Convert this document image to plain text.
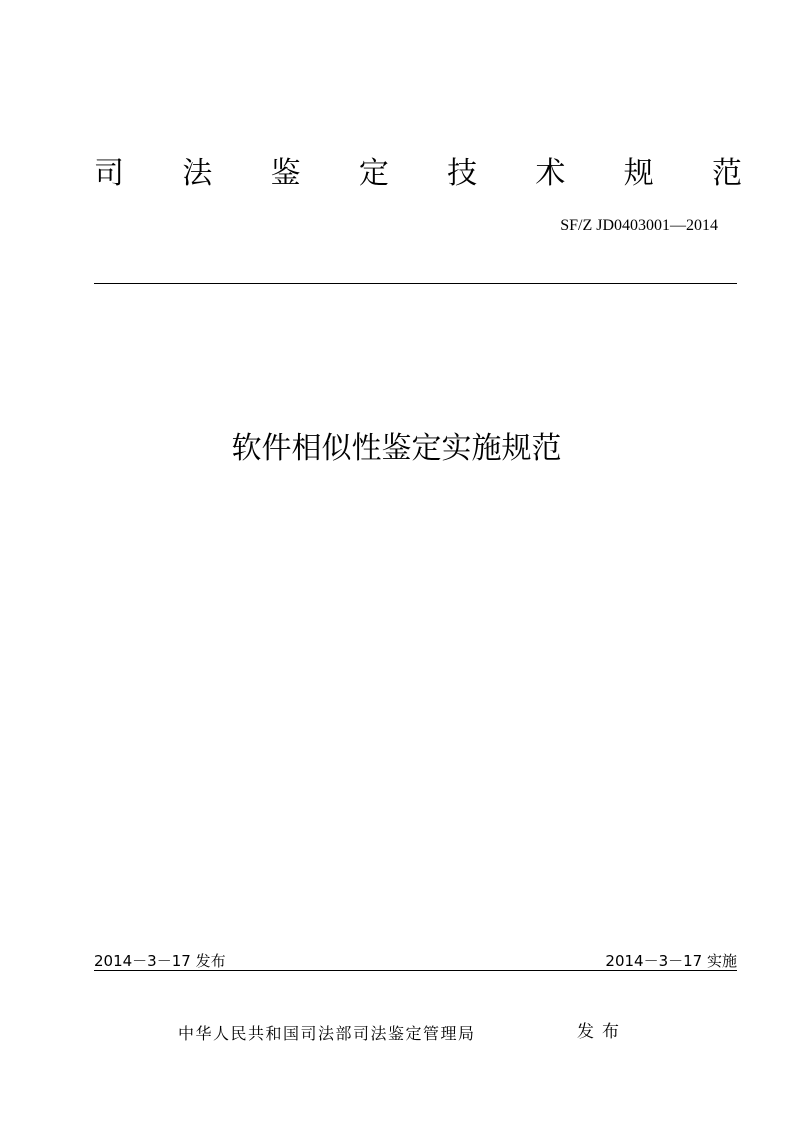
司 法 鉴 定 技 术 规 范
SF/Z JD0403001—2014
软件相似性鉴定实施规范
2014－3－17 发布	2014－3－17 实施
中华人民共和国司法部司法鉴定管理局	发布
